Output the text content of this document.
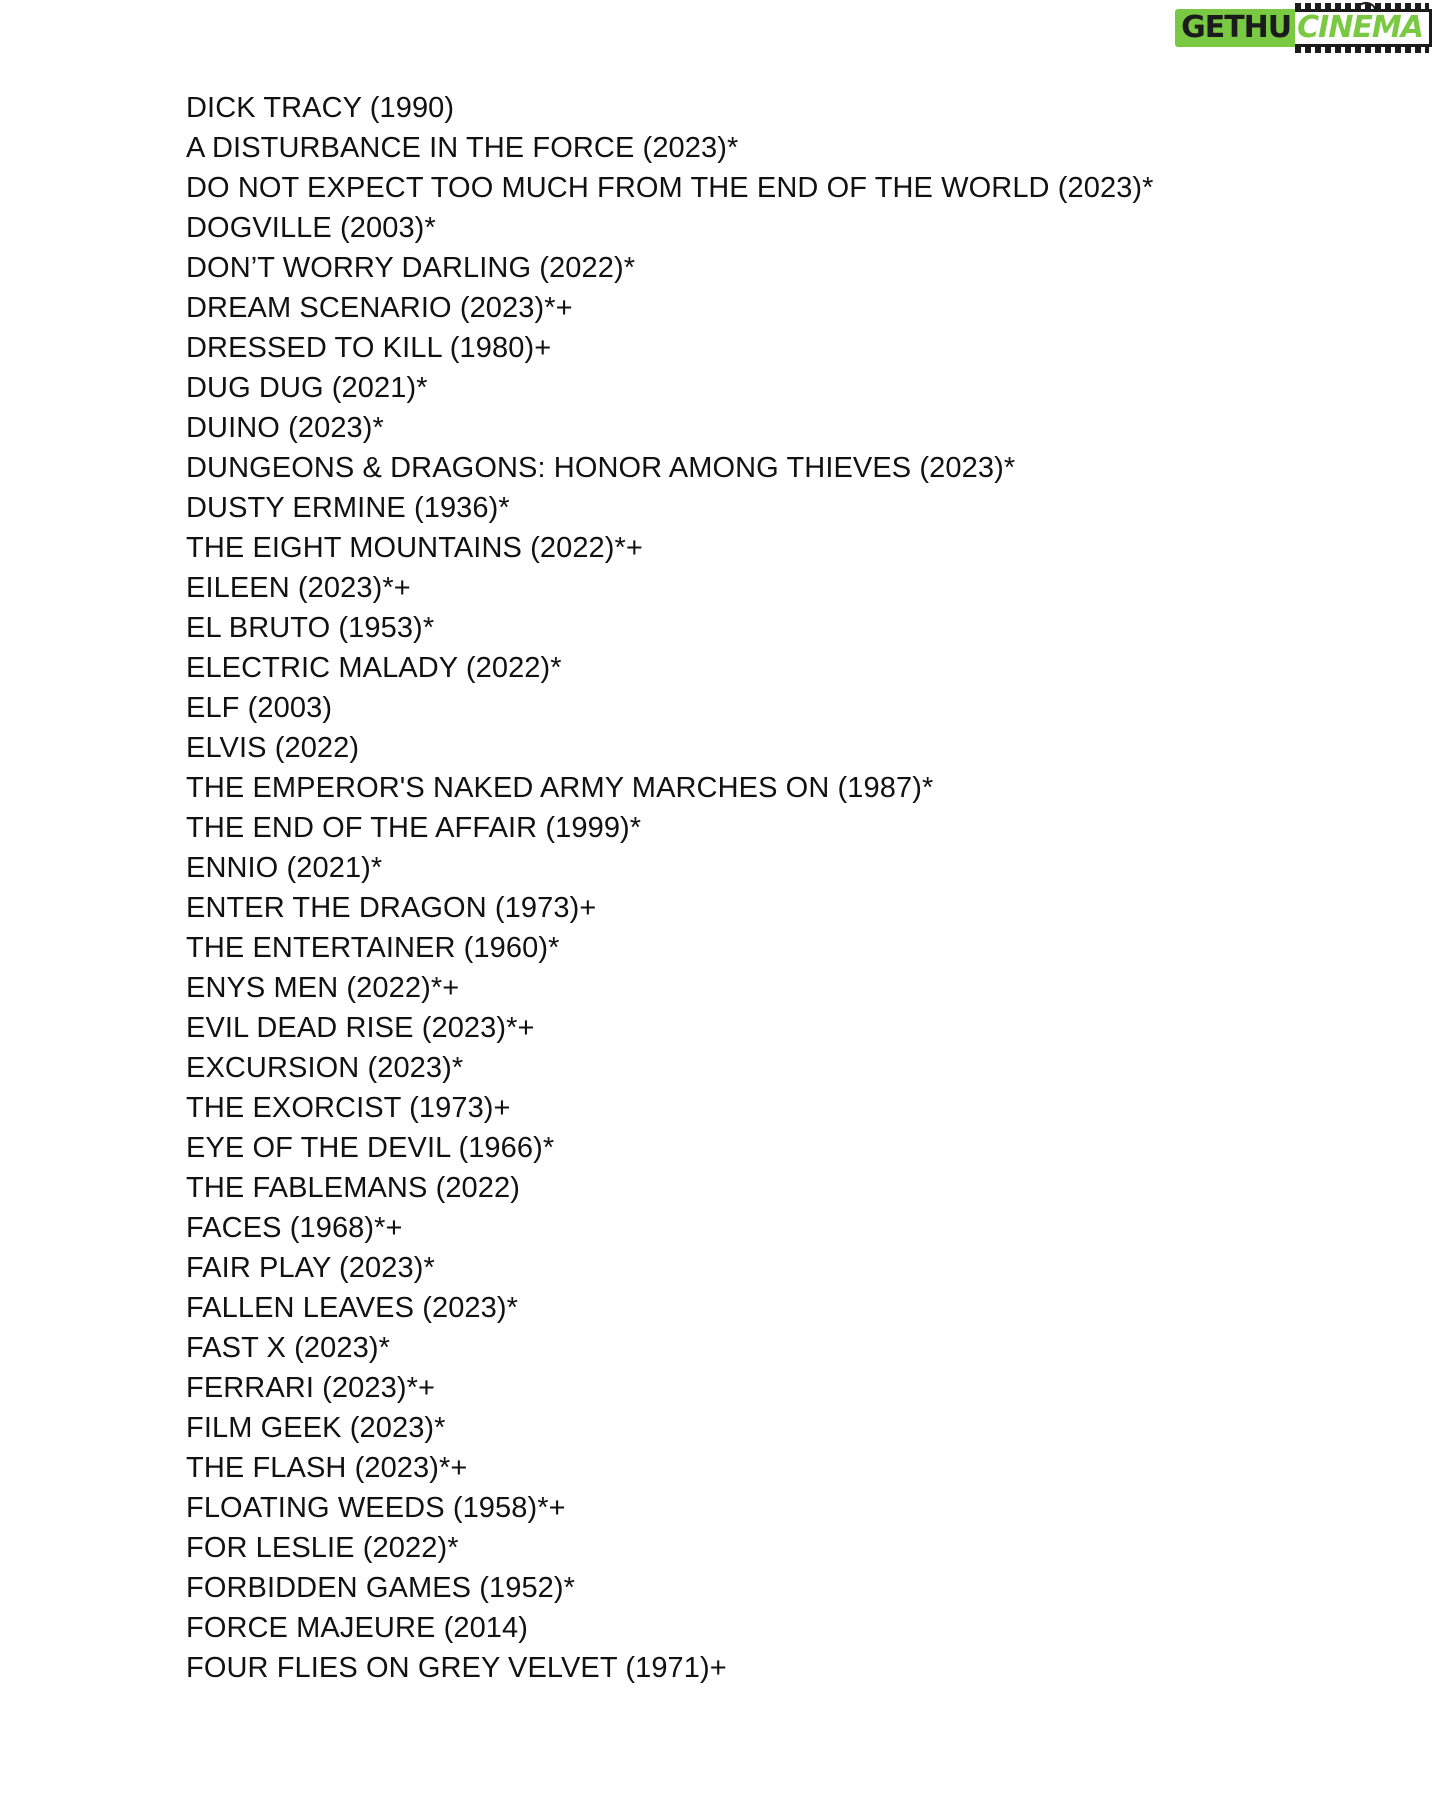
GETHU CINEMA
DICK TRACY (1990)
A DISTURBANCE IN THE FORCE (2023)*
DO NOT EXPECT TOO MUCH FROM THE END OF THE WORLD (2023)*
DOGVILLE (2003)*
DON’T WORRY DARLING (2022)*
DREAM SCENARIO (2023)*+
DRESSED TO KILL (1980)+
DUG DUG (2021)*
DUINO (2023)*
DUNGEONS & DRAGONS: HONOR AMONG THIEVES (2023)*
DUSTY ERMINE (1936)*
THE EIGHT MOUNTAINS (2022)*+
EILEEN (2023)*+
EL BRUTO (1953)*
ELECTRIC MALADY (2022)*
ELF (2003)
ELVIS (2022)
THE EMPEROR'S NAKED ARMY MARCHES ON (1987)*
THE END OF THE AFFAIR (1999)*
ENNIO (2021)*
ENTER THE DRAGON (1973)+
THE ENTERTAINER (1960)*
ENYS MEN (2022)*+
EVIL DEAD RISE (2023)*+
EXCURSION (2023)*
THE EXORCIST (1973)+
EYE OF THE DEVIL (1966)*
THE FABLEMANS (2022)
FACES (1968)*+
FAIR PLAY (2023)*
FALLEN LEAVES (2023)*
FAST X (2023)*
FERRARI (2023)*+
FILM GEEK (2023)*
THE FLASH (2023)*+
FLOATING WEEDS (1958)*+
FOR LESLIE (2022)*
FORBIDDEN GAMES (1952)*
FORCE MAJEURE (2014)
FOUR FLIES ON GREY VELVET (1971)+
